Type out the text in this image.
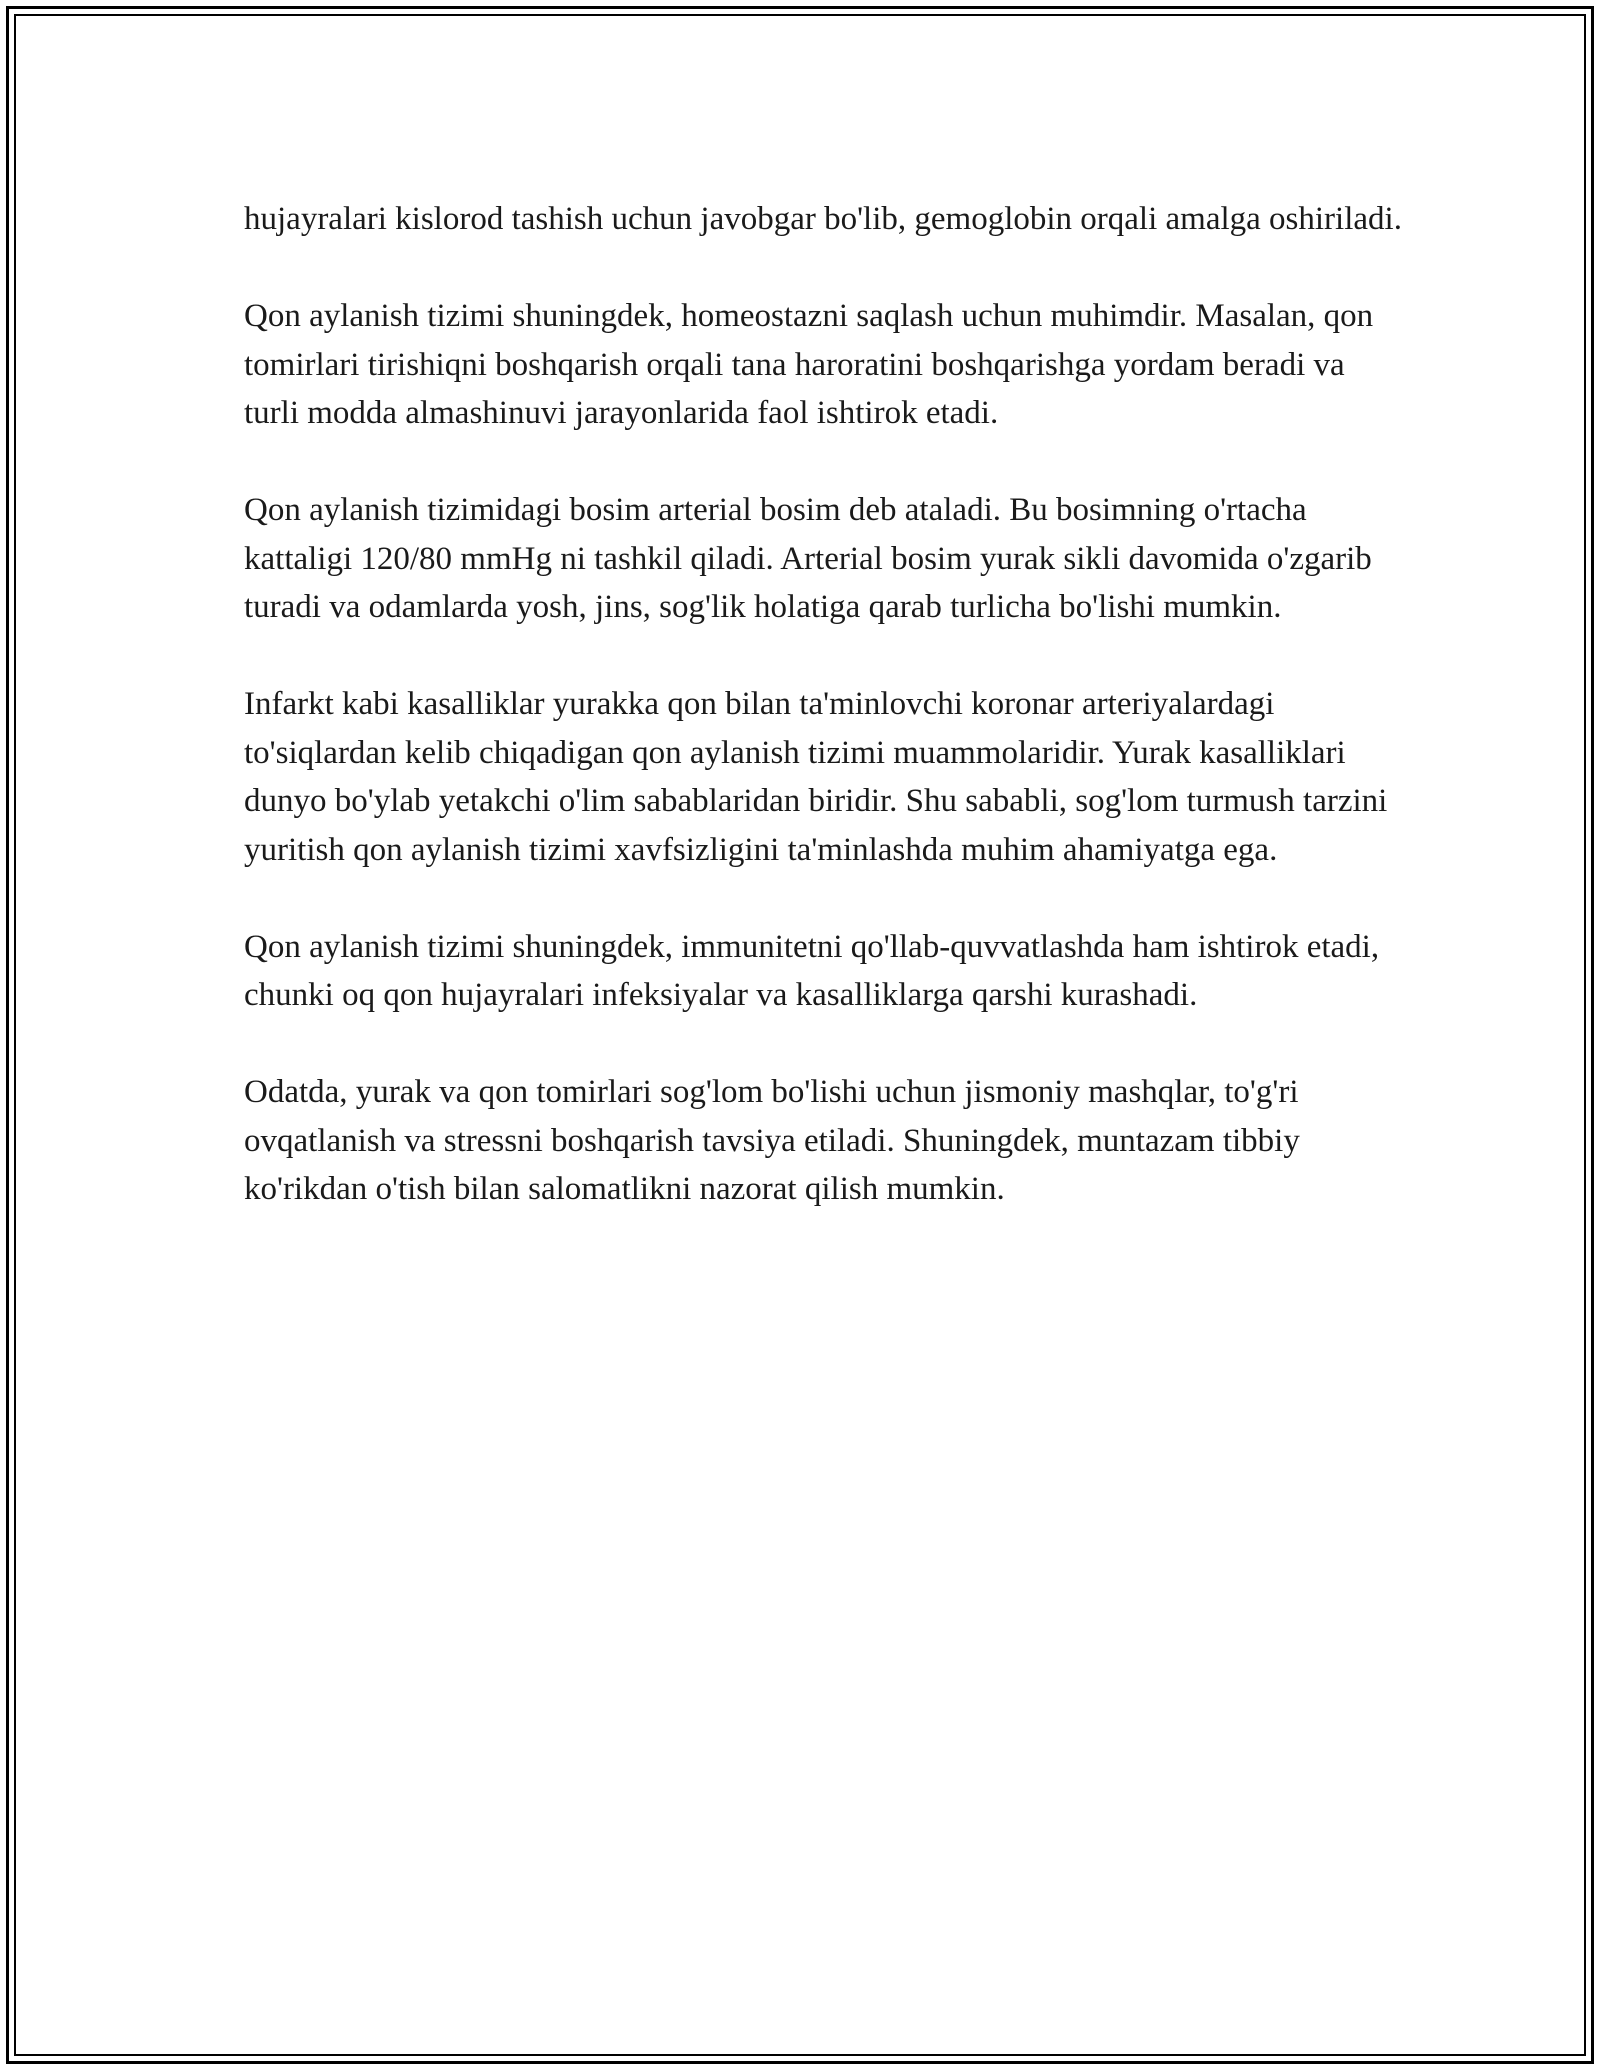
hujayralari kislorod tashish uchun javobgar bo'lib, gemoglobin orqali amalga oshiriladi.

Qon aylanish tizimi shuningdek, homeostazni saqlash uchun muhimdir. Masalan, qon tomirlari tirishiqni boshqarish orqali tana haroratini boshqarishga yordam beradi va turli modda almashinuvi jarayonlarida faol ishtirok etadi.

Qon aylanish tizimidagi bosim arterial bosim deb ataladi. Bu bosimning o'rtacha kattaligi 120/80 mmHg ni tashkil qiladi. Arterial bosim yurak sikli davomida o'zgarib turadi va odamlarda yosh, jins, sog'lik holatiga qarab turlicha bo'lishi mumkin.

Infarkt kabi kasalliklar yurakka qon bilan ta'minlovchi koronar arteriyalardagi to'siqlardan kelib chiqadigan qon aylanish tizimi muammolaridir. Yurak kasalliklari dunyo bo'ylab yetakchi o'lim sabablaridan biridir. Shu sababli, sog'lom turmush tarzini yuritish qon aylanish tizimi xavfsizligini ta'minlashda muhim ahamiyatga ega.

Qon aylanish tizimi shuningdek, immunitetni qo'llab-quvvatlashda ham ishtirok etadi, chunki oq qon hujayralari infeksiyalar va kasalliklarga qarshi kurashadi.

Odatda, yurak va qon tomirlari sog'lom bo'lishi uchun jismoniy mashqlar, to'g'ri ovqatlanish va stressni boshqarish tavsiya etiladi. Shuningdek, muntazam tibbiy ko'rikdan o'tish bilan salomatlikni nazorat qilish mumkin.
